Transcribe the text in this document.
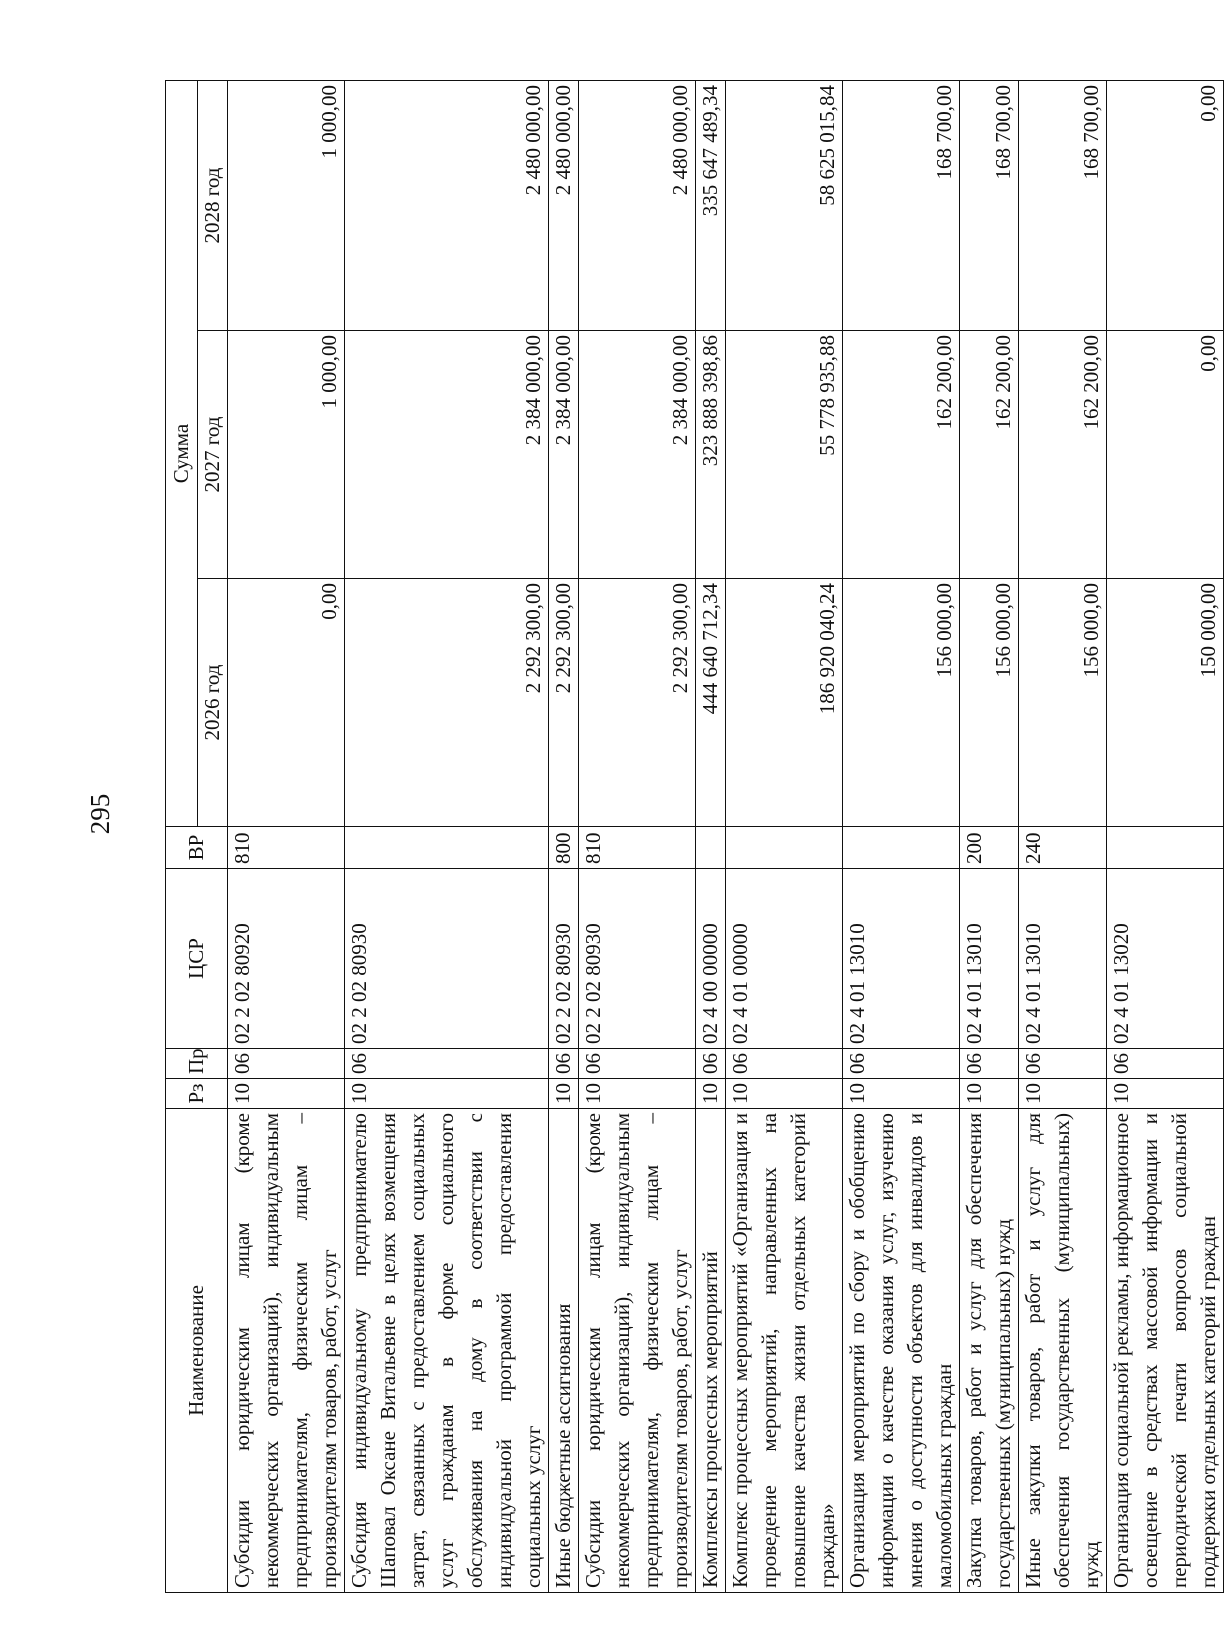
295
Наименование	Рз	Пр	ЦСР	ВР	Сумма		
					2026 год	2027 год	2028 год
Субсидии юридическим лицам (кроме некоммерческих организаций), индивидуальным предпринимателям, физическим лицам – производителям товаров, работ, услуг	10	06	02 2 02 80920	810	0,00	1 000,00	1 000,00
Субсидия индивидуальному предпринимателю Шаповал Оксане Витальевне в целях возмещения затрат, связанных с предоставлением социальных услуг гражданам в форме социального обслуживания на дому в соответствии с индивидуальной программой предоставления социальных услуг	10	06	02 2 02 80930		2 292 300,00	2 384 000,00	2 480 000,00
Иные бюджетные ассигнования	10	06	02 2 02 80930	800	2 292 300,00	2 384 000,00	2 480 000,00
Субсидии юридическим лицам (кроме некоммерческих организаций), индивидуальным предпринимателям, физическим лицам – производителям товаров, работ, услуг	10	06	02 2 02 80930	810	2 292 300,00	2 384 000,00	2 480 000,00
Комплексы процессных мероприятий	10	06	02 4 00 00000		444 640 712,34	323 888 398,86	335 647 489,34
Комплекс процессных мероприятий «Организация и проведение мероприятий, направленных на повышение качества жизни отдельных категорий граждан»	10	06	02 4 01 00000		186 920 040,24	55 778 935,88	58 625 015,84
Организация мероприятий по сбору и обобщению информации о качестве оказания услуг, изучению мнения о доступности объектов для инвалидов и маломобильных граждан	10	06	02 4 01 13010		156 000,00	162 200,00	168 700,00
Закупка товаров, работ и услуг для обеспечения государственных (муниципальных) нужд	10	06	02 4 01 13010	200	156 000,00	162 200,00	168 700,00
Иные закупки товаров, работ и услуг для обеспечения государственных (муниципальных) нужд	10	06	02 4 01 13010	240	156 000,00	162 200,00	168 700,00
Организация социальной рекламы, информационное освещение в средствах массовой информации и периодической печати вопросов социальной поддержки отдельных категорий граждан	10	06	02 4 01 13020		150 000,00	0,00	0,00
